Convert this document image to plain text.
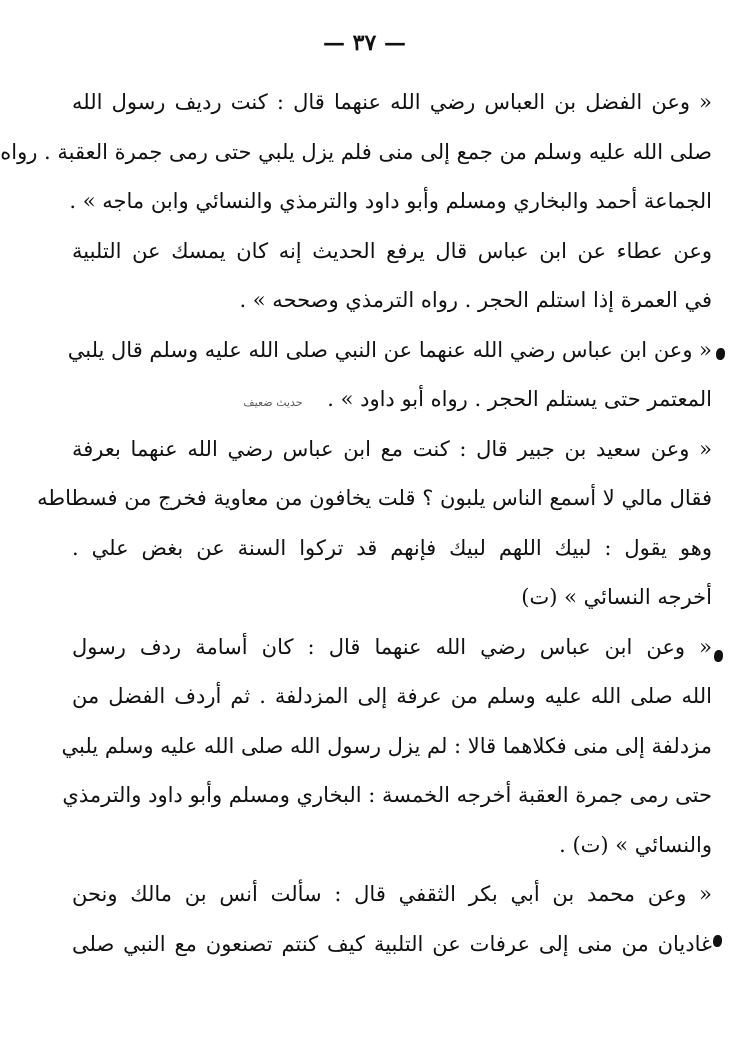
— ٣٧ —
« وعن الفضل بن العباس رضي الله عنهما قال : كنت رديف رسول الله
صلى الله عليه وسلم من جمع إلى منى فلم يزل يلبي حتى رمى جمرة العقبة . رواه
الجماعة أحمد والبخاري ومسلم وأبو داود والترمذي والنسائي وابن ماجه » .
وعن عطاء عن ابن عباس قال يرفع الحديث إنه كان يمسك عن التلبية
في العمرة إذا استلم الحجر . رواه الترمذي وصححه » .
« وعن ابن عباس رضي الله عنهما عن النبي صلى الله عليه وسلم قال يلبي
المعتمر حتى يستلم الحجر . رواه أبو داود » . حديث ضعيف
« وعن سعيد بن جبير قال : كنت مع ابن عباس رضي الله عنهما بعرفة
فقال مالي لا أسمع الناس يلبون ؟ قلت يخافون من معاوية فخرج من فسطاطه
وهو يقول : لبيك اللهم لبيك فإنهم قد تركوا السنة عن بغض علي .
أخرجه النسائي » (ت)
« وعن ابن عباس رضي الله عنهما قال : كان أسامة ردف رسول
الله صلى الله عليه وسلم من عرفة إلى المزدلفة . ثم أردف الفضل من
مزدلفة إلى منى فكلاهما قالا : لم يزل رسول الله صلى الله عليه وسلم يلبي
حتى رمى جمرة العقبة أخرجه الخمسة : البخاري ومسلم وأبو داود والترمذي
والنسائي » (ت) .
« وعن محمد بن أبي بكر الثقفي قال : سألت أنس بن مالك ونحن
غاديان من منى إلى عرفات عن التلبية كيف كنتم تصنعون مع النبي صلى
